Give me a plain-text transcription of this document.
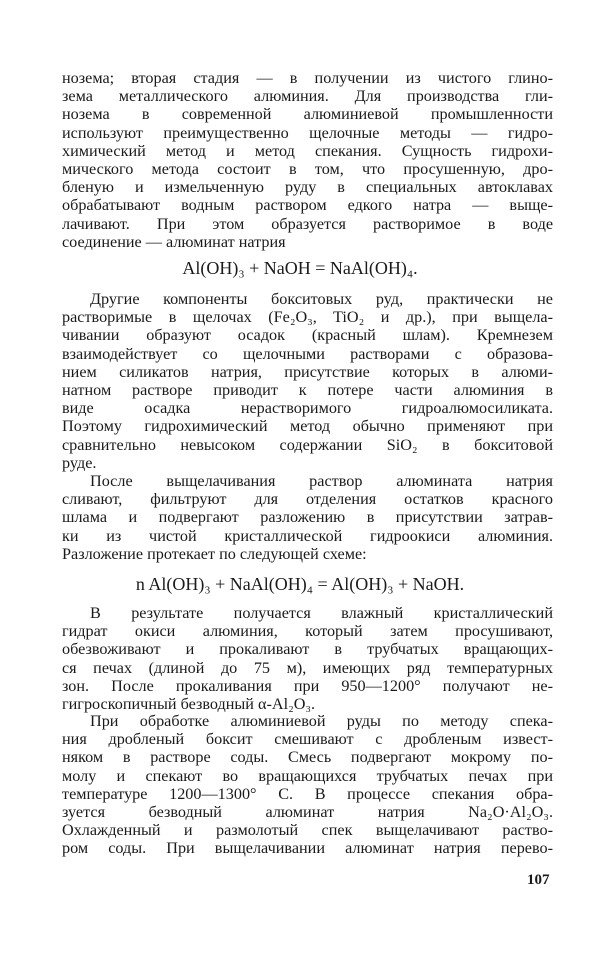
нозема; вторая стадия — в получении из чистого глино-
зема металлического алюминия. Для производства гли-
нозема в современной алюминиевой промышленности
используют преимущественно щелочные методы — гидро-
химический метод и метод спекания. Сущность гидрохи-
мического метода состоит в том, что просушенную, дро-
бленую и измельченную руду в специальных автоклавах
обрабатывают водным раствором едкого натра — выще-
лачивают. При этом образуется растворимое в воде
соединение — алюминат натрия
Al(OH)₃ + NaOH = NaAl(OH)₄.
Другие компоненты бокситовых руд, практически не
растворимые в щелочах (Fe₂O₃, TiO₂ и др.), при выщела-
чивании образуют осадок (красный шлам). Кремнезем
взаимодействует со щелочными растворами с образова-
нием силикатов натрия, присутствие которых в алюми-
натном растворе приводит к потере части алюминия в
виде осадка нерастворимого гидроалюмосиликата.
Поэтому гидрохимический метод обычно применяют при
сравнительно невысоком содержании SiO₂ в бокситовой
руде.
После выщелачивания раствор алюмината натрия
сливают, фильтруют для отделения остатков красного
шлама и подвергают разложению в присутствии затрав-
ки из чистой кристаллической гидроокиси алюминия.
Разложение протекает по следующей схеме:
n Al(OH)₃ + NaAl(OH)₄ = Al(OH)₃ + NaOH.
В результате получается влажный кристаллический
гидрат окиси алюминия, который затем просушивают,
обезвоживают и прокаливают в трубчатых вращающих-
ся печах (длиной до 75 м), имеющих ряд температурных
зон. После прокаливания при 950—1200° получают не-
гигроскопичный безводный α-Al₂O₃.
При обработке алюминиевой руды по методу спека-
ния дробленый боксит смешивают с дробленым извест-
няком в растворе соды. Смесь подвергают мокрому по-
молу и спекают во вращающихся трубчатых печах при
температуре 1200—1300° С. В процессе спекания обра-
зуется безводный алюминат натрия Na₂O·Al₂O₃.
Охлажденный и размолотый спек выщелачивают раство-
ром соды. При выщелачивании алюминат натрия перево-
107
